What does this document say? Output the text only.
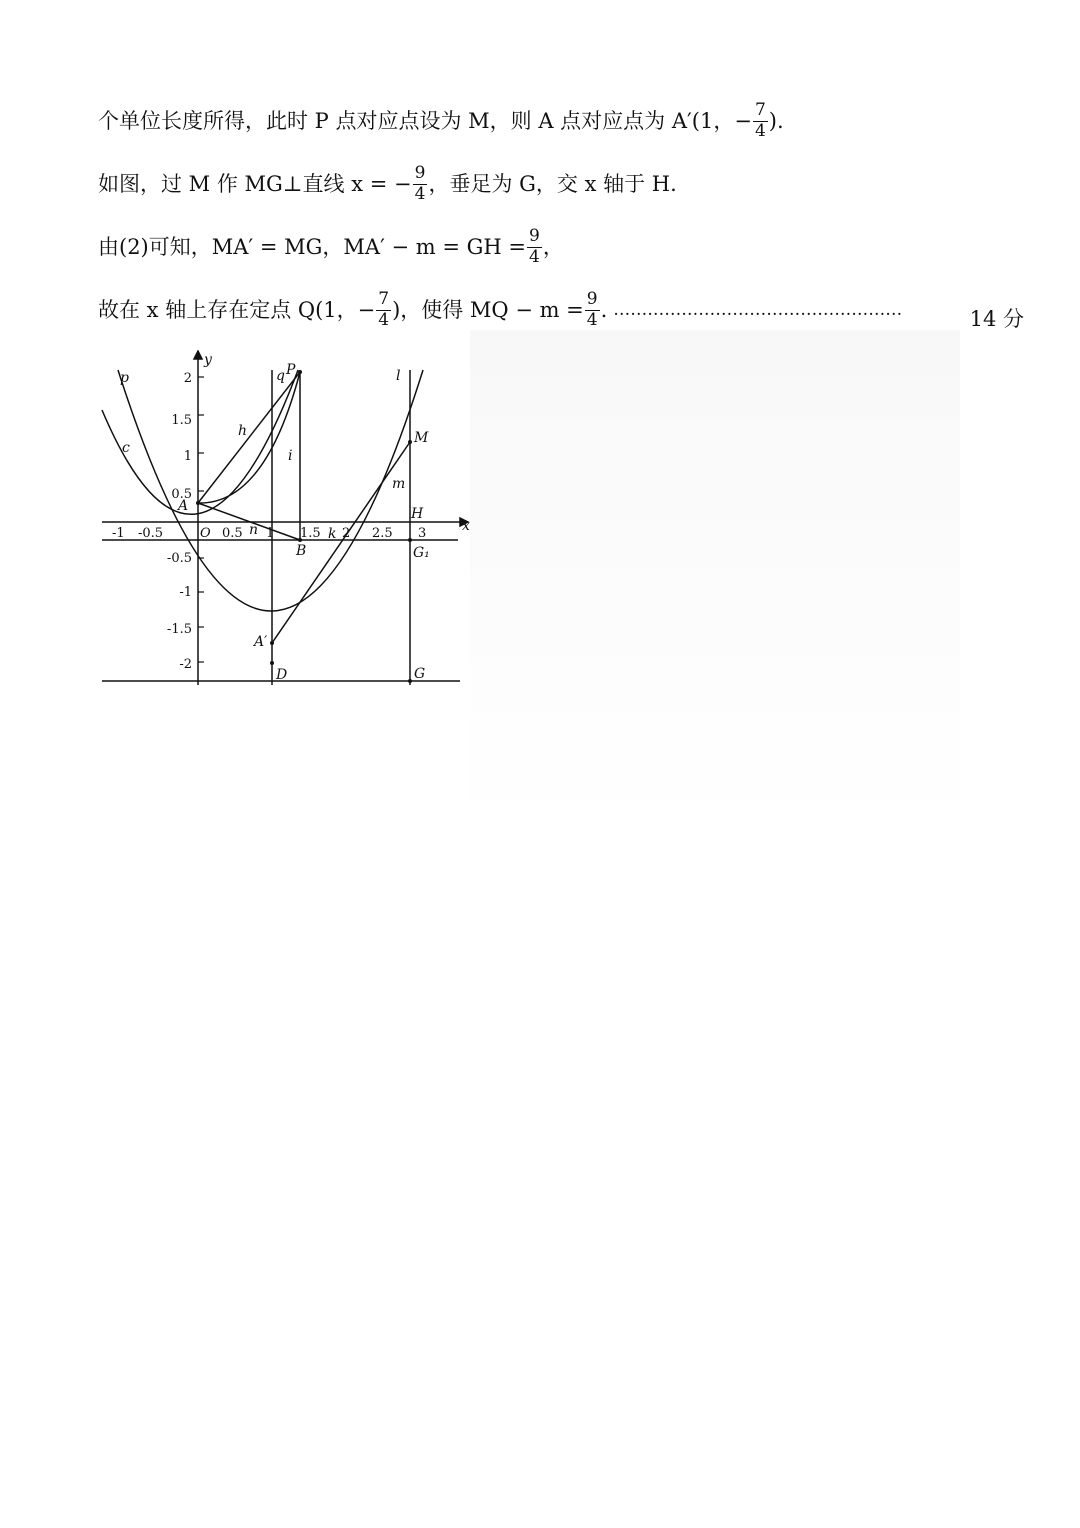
个单位长度所得，此时 P 点对应点设为 M，则 A 点对应点为 A′(1，− $\frac{7}{4}$ ).
如图，过 M 作 MG⊥直线 x = − $\frac{9}{4}$ ，垂足为 G，交 x 轴于 H.
由(2)可知，MA′ = MG，MA′ − m = GH = $\frac{9}{4}$ ，
故在 x 轴上存在定点 Q(1，− $\frac{7}{4}$ )，使得 MQ − $m = \frac{9}{4}$ . ……………………………………………	14 分
-1 -0.5	O 0.5 1 1.5 2 2.5 3
2
1.5
1
0.5
-0.5
-1
-1.5
-2
x
y
A
B
P
M
D
A′
H
G₁
G
p
c
h
i
q	l
m
n	k
